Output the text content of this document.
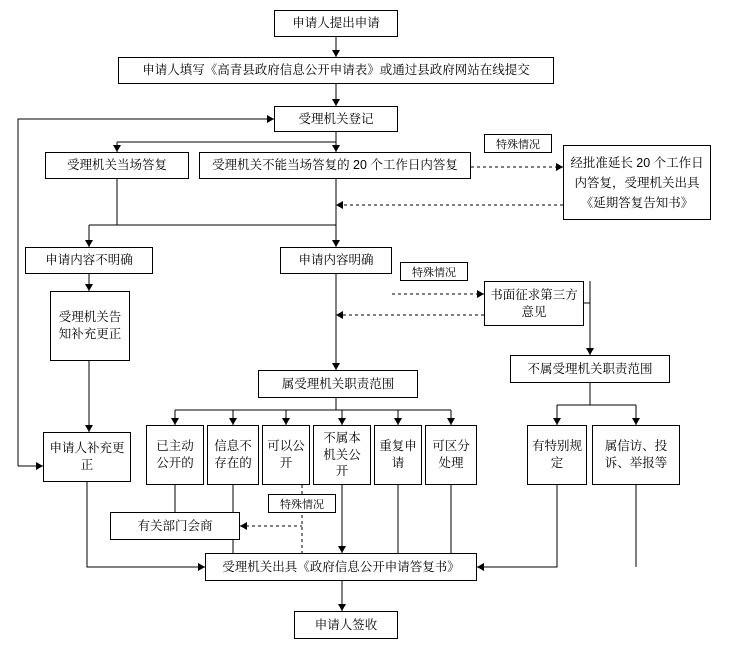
申请人提出申请
申请人填写《高青县政府信息公开申请表》或通过县政府网站在线提交
受理机关登记
受理机关当场答复	受理机关不能当场答复的 20 个工作日内答复	经批准延长 20 个工作日内答复，受理机关出具《延期答复告知书》
申请内容不明确	申请内容明确
书面征求第三方意见
受理机关告知补充更正
申请人补充更正
属受理机关职责范围
不属受理机关职责范围
已主动公开的
信息不存在的
可以公开
不属本机关公开
重复申请
可区分处理
有特别规定
属信访、投诉、举报等
有关部门会商
受理机关出具《政府信息公开申请答复书》
申请人签收
特殊情况
特殊情况
特殊情况
